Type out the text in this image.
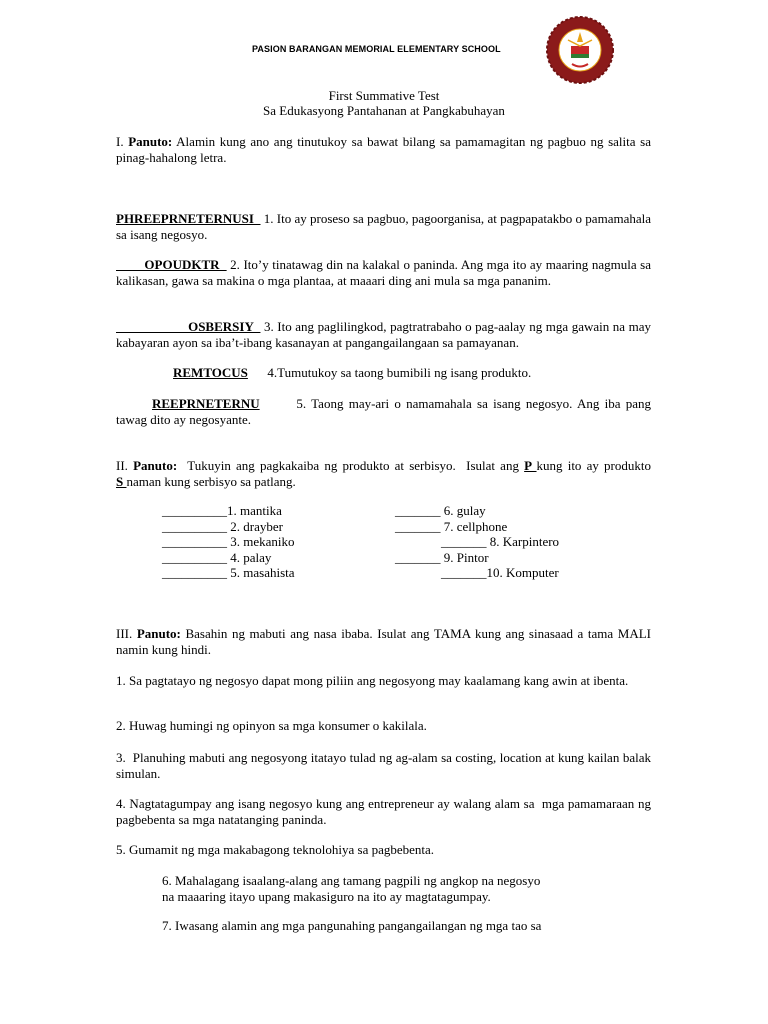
PASION BARANGAN MEMORIAL ELEMENTARY SCHOOL
First Summative Test
Sa Edukasyong Pantahanan at Pangkabuhayan
I. Panuto: Alamin kung ano ang tinutukoy sa bawat bilang sa pamamagitan ng pagbuo ng salita sa pinag-hahalong letra.
PHREEPRNETERNUSI   1. Ito ay proseso sa pagbuo, pagoorganisa, at pagpapatakbo o pamamahala sa isang negosyo.
OPOUDKTR   2. Ito’y tinatawag din na kalakal o paninda. Ang mga ito ay maaring nagmula sa kalikasan, gawa sa makina o mga plantaa, at maaari ding ani mula sa mga pananim.
__________OSBERSIY   3. Ito ang paglilingkod, pagtratrabaho o pag-aalay ng mga gawain na may kabayaran ayon sa iba’t-ibang kasanayan at pangangailangaan sa pamayanan.
REMTOCUS      4.Tumutukoy sa taong bumibili ng isang produkto.
REEPRNETERNU       5. Taong may-ari o namamahala sa isang negosyo. Ang iba pang tawag dito ay negosyante.
II. Panuto:  Tukuyin ang pagkakaiba ng produkto at serbisyo.  Isulat ang P kung ito ay produkto S naman kung serbisyo sa patlang.
__________1. mantika
__________ 2. drayber
__________ 3. mekaniko
__________ 4. palay
__________ 5. masahista
_______ 6. gulay
_______ 7. cellphone
_______ 8. Karpintero
_______ 9. Pintor
_______10. Komputer
III. Panuto: Basahin ng mabuti ang nasa ibaba. Isulat ang TAMA kung ang sinasaad a tama MALI namin kung hindi.
1. Sa pagtatayo ng negosyo dapat mong piliin ang negosyong may kaalamang kang awin at ibenta.
2. Huwag humingi ng opinyon sa mga konsumer o kakilala.
3.  Planuhing mabuti ang negosyong itatayo tulad ng ag-alam sa costing, location at kung kailan balak simulan.
4. Nagtatagumpay ang isang negosyo kung ang entrepreneur ay walang alam sa  mga pamamaraan ng pagbebenta sa mga natatanging paninda.
5. Gumamit ng mga makabagong teknolohiya sa pagbebenta.
6. Mahalagang isaalang-alang ang tamang pagpili ng angkop na negosyo
na maaaring itayo upang makasiguro na ito ay magtatagumpay.
7. Iwasang alamin ang mga pangunahing pangangailangan ng mga tao sa
